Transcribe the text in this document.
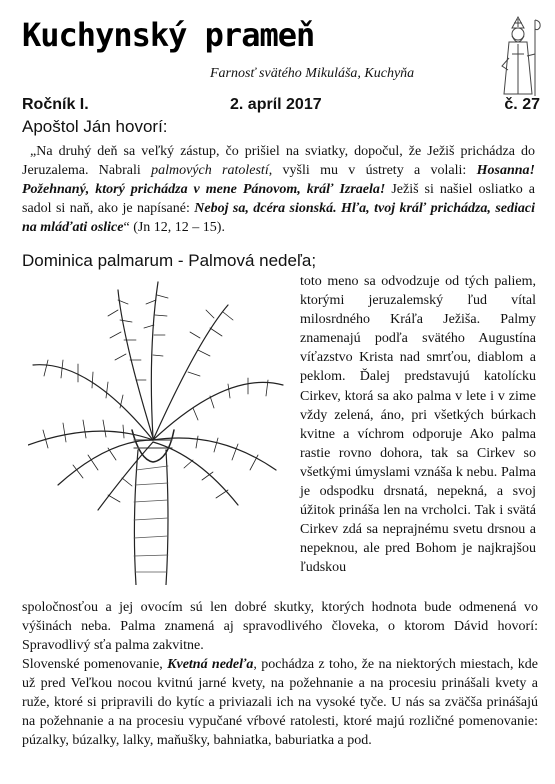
Kuchynský prameň
Farnosť svätého Mikuláša, Kuchyňa
Ročník I.	2. aprίl 2017	č. 27
Apoštol Ján hovorí:

„Na druhý deň sa veľký zástup, čo prišiel na sviatky, dopočul, že Ježiš prichádza do Jeruzalema. Nabrali palmových ratolestí, vyšli mu v ústrety a volali: Hosanna! Požehnaný, ktorý prichádza v mene Pánovom, kráľ Izraela! Ježiš si našiel osliatko a sadol si naň, ako je napísané: Neboj sa, dcéra sionská. Hľa, tvoj kráľ prichádza, sediaci na mláďati oslice“ (Jn 12, 12 – 15).

Dominica palmarum - Palmová nedeľa;

toto meno sa odvodzuje od tých paliem, ktorými jeruzalemský ľud vítal milosrdného Kráľa Ježiša. Palmy znamenajú podľa svätého Augustína víťazstvo Krista nad smrťou, diablom a peklom. Ďalej predstavujú katolícku Cirkev, ktorá sa ako palma v lete i v zime vždy zelená, áno, pri všetkých búrkach kvitne a víchrom odporuje Ako palma rastie rovno dohora, tak sa Cirkev so všetkými úmyslami vznáša k nebu. Palma je odspodku drsnatá, nepekná, a svoj úžitok prináša len na vrcholci. Tak i svätá Cirkev zdá sa neprajnému svetu drsnou a nepeknou, ale pred Bohom je najkrajšou ľudskou

spoločnosťou a jej ovocím sú len dobré skutky, ktorých hodnota bude odmenená vo výšinách neba. Palma znamená aj spravodlivého človeka, o ktorom Dávid hovorí: Spravodlivý sťa palma zakvitne.

Slovenské pomenovanie, Kvetná nedeľa, pochádza z toho, že na niektorých miestach, kde už pred Veľkou nocou kvitnú jarné kvety, na požehnanie a na procesiu prinášali kvety a ruže, ktoré si pripravili do kytíc a priviazali ich na vysoké tyče. U nás sa zväčša prinášajú na požehnanie a na procesiu vypučané vŕbové ratolesti, ktoré majú rozličné pomenovanie: púzalky, búzalky, lalky, maňušky, bahniatka, baburiatka a pod.
